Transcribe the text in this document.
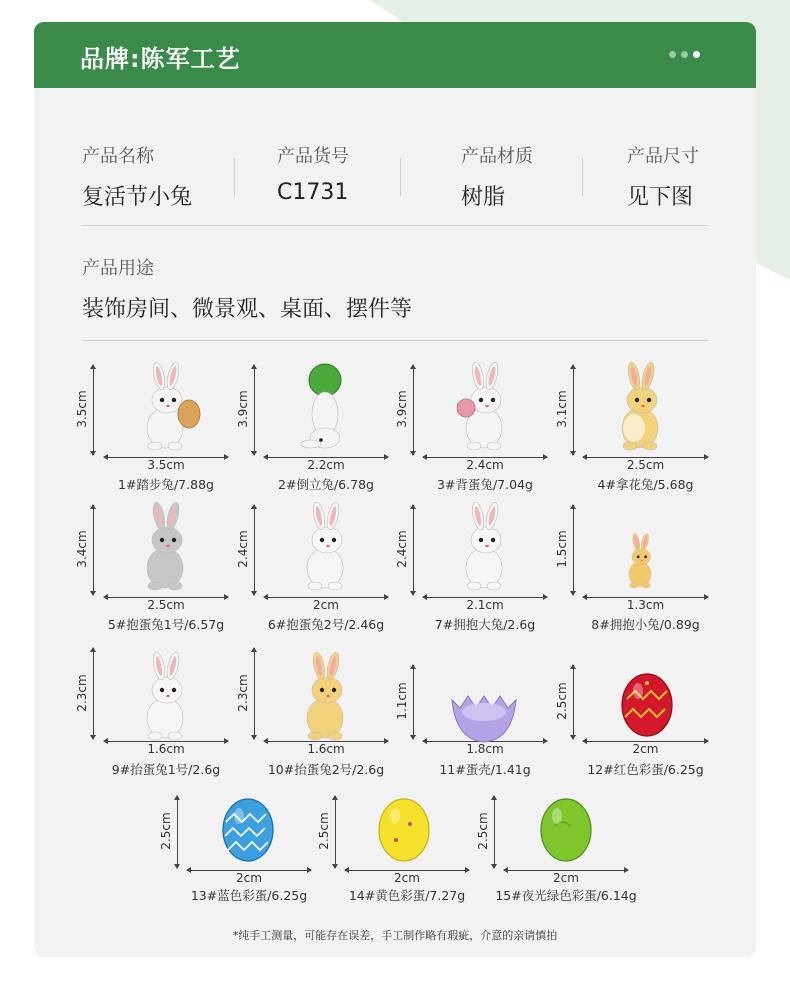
品牌:陈军工艺
产品名称
复活节小兔
产品货号
C1731
产品材质
树脂
产品尺寸
见下图
产品用途
装饰房间、微景观、桌面、摆件等
3.5cm
3.5cm
1#踏步兔/7.88g
3.9cm
2.2cm
2#倒立兔/6.78g
3.9cm
2.4cm
3#背蛋兔/7.04g
3.1cm
2.5cm
4#拿花兔/5.68g
3.4cm
2.5cm
5#抱蛋兔1号/6.57g
2.4cm
2cm
6#抱蛋兔2号/2.46g
2.4cm
2.1cm
7#拥抱大兔/2.6g
1.5cm
1.3cm
8#拥抱小兔/0.89g
2.3cm
1.6cm
9#抬蛋兔1号/2.6g
2.3cm
1.6cm
10#抬蛋兔2号/2.6g
1.1cm
1.8cm
11#蛋壳/1.41g
2.5cm
2cm
12#红色彩蛋/6.25g
2.5cm
2cm
13#蓝色彩蛋/6.25g
2.5cm
2cm
14#黄色彩蛋/7.27g
2.5cm
2cm
15#夜光绿色彩蛋/6.14g
*纯手工测量，可能存在误差，手工制作略有瑕疵，介意的亲请慎拍
